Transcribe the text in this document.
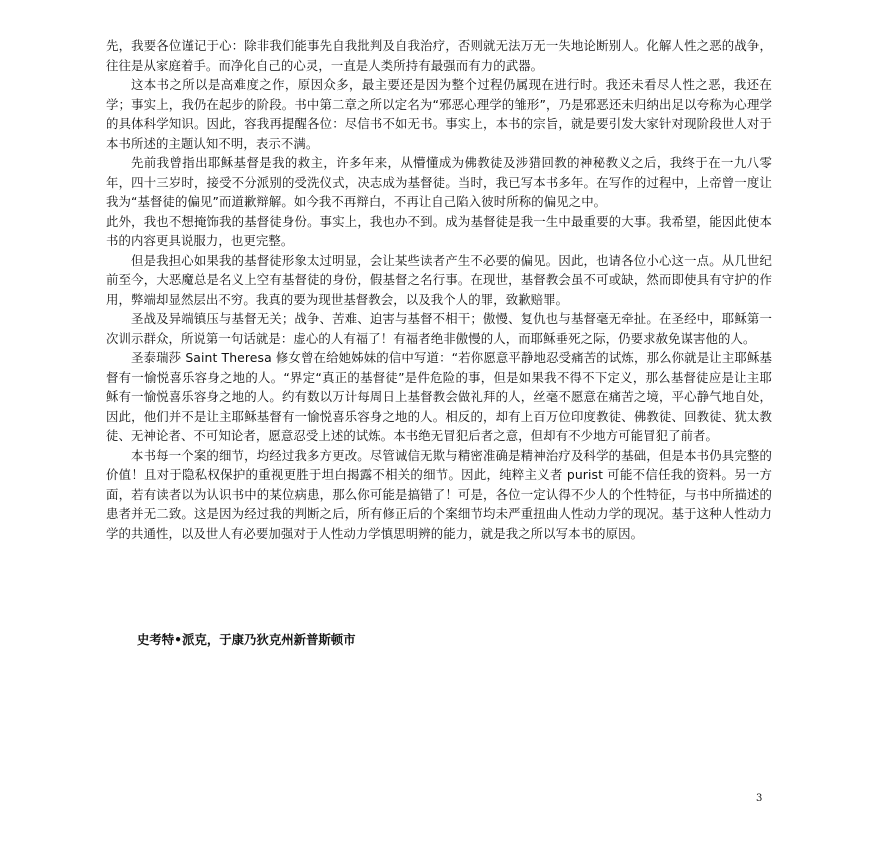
先，我要各位谨记于心：除非我们能事先自我批判及自我治疗，否则就无法万无一失地论断别人。化解人性之恶的战争，往往是从家庭着手。而净化自己的心灵，一直是人类所持有最强而有力的武器。

这本书之所以是高难度之作，原因众多，最主要还是因为整个过程仍属现在进行时。我还未看尽人性之恶，我还在学；事实上，我仍在起步的阶段。书中第二章之所以定名为“邪恶心理学的雏形”，乃是邪恶还未归纳出足以夸称为心理学的具体科学知识。因此，容我再提醒各位：尽信书不如无书。事实上，本书的宗旨，就是要引发大家针对现阶段世人对于本书所述的主题认知不明，表示不满。

先前我曾指出耶稣基督是我的救主，许多年来，从懵懂成为佛教徒及涉猎回教的神秘教义之后，我终于在一九八零年，四十三岁时，接受不分派别的受洗仪式，决志成为基督徒。当时，我已写本书多年。在写作的过程中，上帝曾一度让我为“基督徒的偏见”而道歉辩解。如今我不再辩白，不再让自己陷入彼时所称的偏见之中。

此外，我也不想掩饰我的基督徒身份。事实上，我也办不到。成为基督徒是我一生中最重要的大事。我希望，能因此使本书的内容更具说服力，也更完整。

但是我担心如果我的基督徒形象太过明显，会让某些读者产生不必要的偏见。因此，也请各位小心这一点。从几世纪前至今，大恶魔总是名义上空有基督徒的身份，假基督之名行事。在现世，基督教会虽不可或缺，然而即使具有守护的作用，弊端却显然层出不穷。我真的要为现世基督教会，以及我个人的罪，致歉赔罪。

圣战及异端镇压与基督无关；战争、苦难、迫害与基督不相干；傲慢、复仇也与基督毫无牵扯。在圣经中，耶稣第一次训示群众，所说第一句话就是：虚心的人有福了！有福者绝非傲慢的人，而耶稣垂死之际，仍要求赦免谋害他的人。

圣泰瑞莎 Saint Theresa 修女曾在给她姊妹的信中写道：“若你愿意平静地忍受痛苦的试炼，那么你就是让主耶稣基督有一愉悦喜乐容身之地的人。“界定“真正的基督徒”是件危险的事，但是如果我不得不下定义，那么基督徒应是让主耶稣有一愉悦喜乐容身之地的人。约有数以万计每周日上基督教会做礼拜的人，丝毫不愿意在痛苦之境，平心静气地自处，因此，他们并不是让主耶稣基督有一愉悦喜乐容身之地的人。相反的，却有上百万位印度教徒、佛教徒、回教徒、犹太教徒、无神论者、不可知论者，愿意忍受上述的试炼。本书绝无冒犯后者之意，但却有不少地方可能冒犯了前者。

本书每一个案的细节，均经过我多方更改。尽管诚信无欺与精密准确是精神治疗及科学的基础，但是本书仍具完整的价值！且对于隐私权保护的重视更胜于坦白揭露不相关的细节。因此，纯粹主义者 purist 可能不信任我的资料。另一方面，若有读者以为认识书中的某位病患，那么你可能是搞错了！可是，各位一定认得不少人的个性特征，与书中所描述的患者并无二致。这是因为经过我的判断之后，所有修正后的个案细节均未严重扭曲人性动力学的现况。基于这种人性动力学的共通性，以及世人有必要加强对于人性动力学慎思明辨的能力，就是我之所以写本书的原因。

史考特•派克，于康乃狄克州新普斯顿市
3
